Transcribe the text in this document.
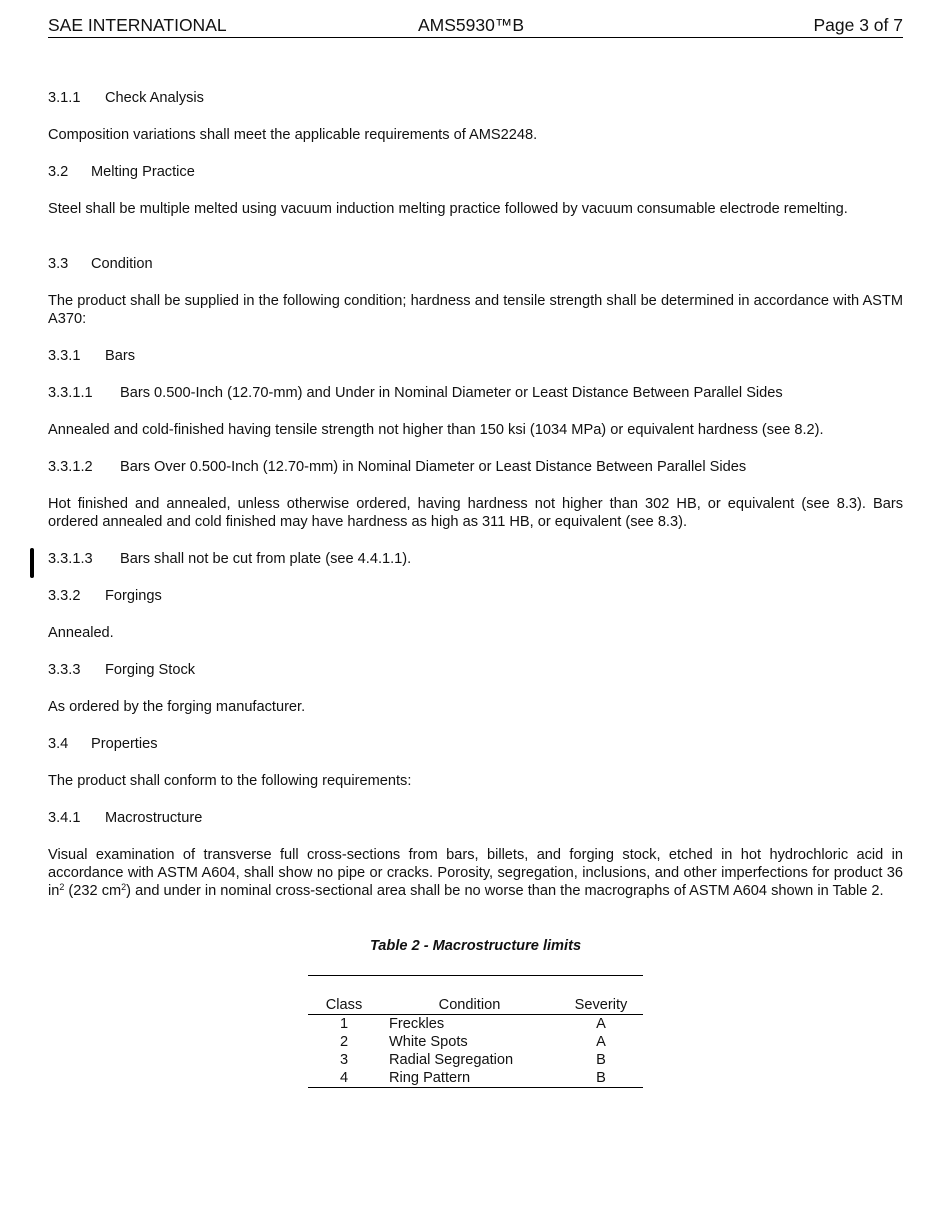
SAE INTERNATIONAL	AMS5930™B	Page 3 of 7

3.1.1 Check Analysis

Composition variations shall meet the applicable requirements of AMS2248.

3.2 Melting Practice

Steel shall be multiple melted using vacuum induction melting practice followed by vacuum consumable electrode remelting.

3.3 Condition

The product shall be supplied in the following condition; hardness and tensile strength shall be determined in accordance with ASTM A370:

3.3.1 Bars

3.3.1.1 Bars 0.500-Inch (12.70-mm) and Under in Nominal Diameter or Least Distance Between Parallel Sides

Annealed and cold-finished having tensile strength not higher than 150 ksi (1034 MPa) or equivalent hardness (see 8.2).

3.3.1.2 Bars Over 0.500-Inch (12.70-mm) in Nominal Diameter or Least Distance Between Parallel Sides

Hot finished and annealed, unless otherwise ordered, having hardness not higher than 302 HB, or equivalent (see 8.3). Bars ordered annealed and cold finished may have hardness as high as 311 HB, or equivalent (see 8.3).

3.3.1.3 Bars shall not be cut from plate (see 4.4.1.1).

3.3.2 Forgings

Annealed.

3.3.3 Forging Stock

As ordered by the forging manufacturer.

3.4 Properties

The product shall conform to the following requirements:

3.4.1 Macrostructure

Visual examination of transverse full cross-sections from bars, billets, and forging stock, etched in hot hydrochloric acid in accordance with ASTM A604, shall show no pipe or cracks. Porosity, segregation, inclusions, and other imperfections for product 36 $in^2$ (232 $cm^2$) and under in nominal cross-sectional area shall be no worse than the macrographs of ASTM A604 shown in Table 2.

Table 2 - Macrostructure limits
Class	Condition	Severity
1	Freckles	A
2	White Spots	A
3	Radial Segregation	B
4	Ring Pattern	B
